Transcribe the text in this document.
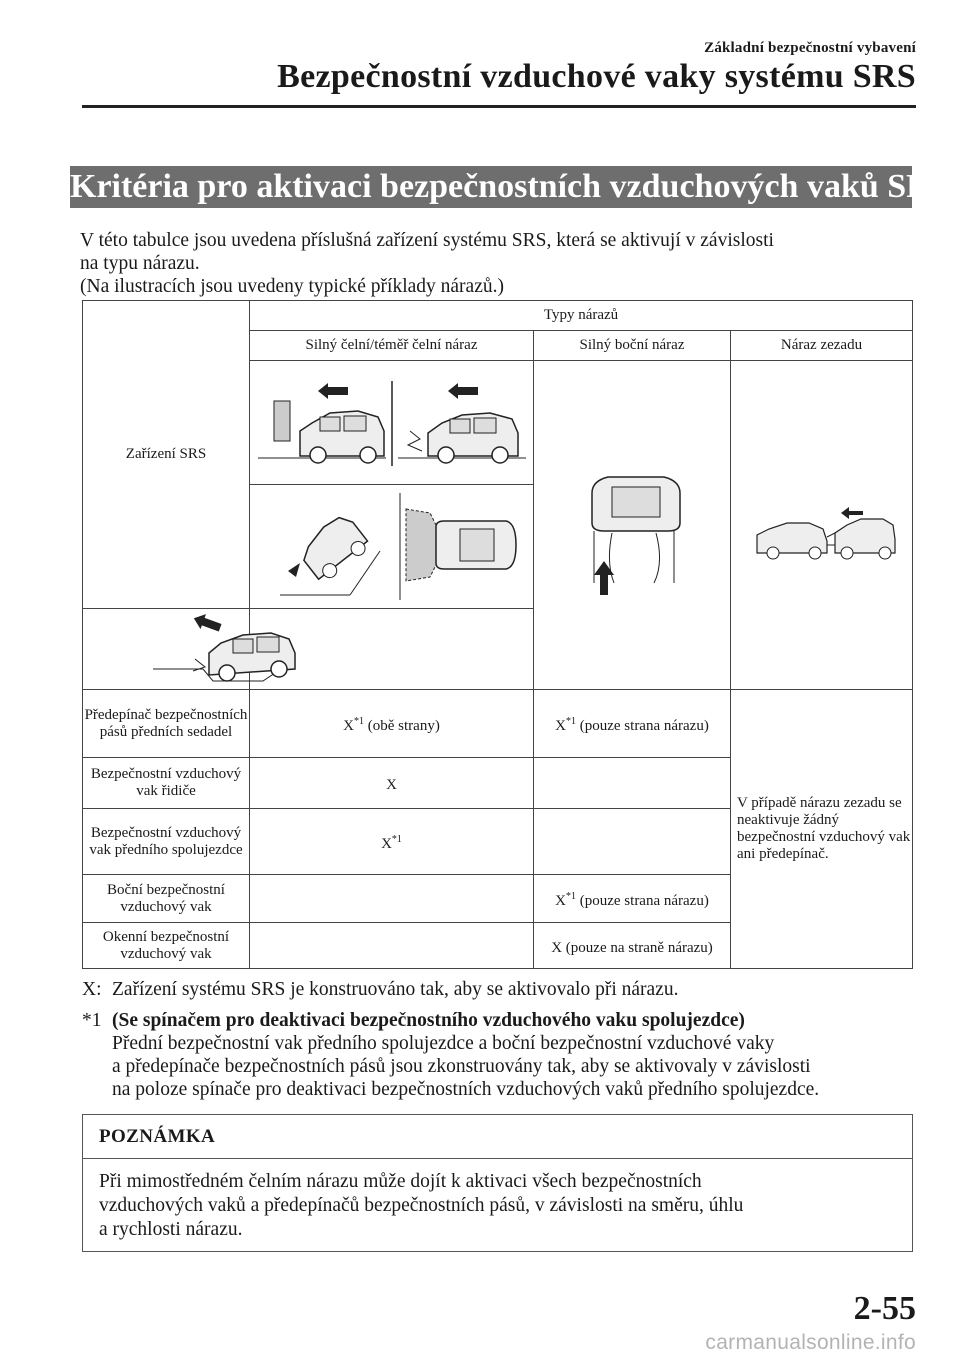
Základní bezpečnostní vybavení
Bezpečnostní vzduchové vaky systému SRS
Kritéria pro aktivaci bezpečnostních vzduchových vaků SRS
V této tabulce jsou uvedena příslušná zařízení systému SRS, která se aktivují v závislosti
na typu nárazu.
(Na ilustracích jsou uvedeny typické příklady nárazů.)
Zařízení SRS	Typy nárazů		
	Silný čelní/téměř čelní náraz	Silný boční náraz	Náraz zezadu

Předepínač bezpečnostních pásů předních sedadel	$X^{*1}$ (obě strany)	$X^{*1}$ (pouze strana nárazu)	V případě nárazu zezadu se neaktivuje žádný bezpečnostní vzduchový vak ani předepínač.
Bezpečnostní vzduchový vak řidiče	X		
Bezpečnostní vzduchový vak předního spolujezdce	$X^{*1}$	
Boční bezpečnostní vzduchový vak		$X^{*1}$ (pouze strana nárazu)	
Okenní bezpečnostní vzduchový vak		X (pouze na straně nárazu)	
X: Zařízení systému SRS je konstruováno tak, aby se aktivovalo při nárazu.
*1 (Se spínačem pro deaktivaci bezpečnostního vzduchového vaku spolujezdce)
Přední bezpečnostní vak předního spolujezdce a boční bezpečnostní vzduchové vaky
a předepínače bezpečnostních pásů jsou zkonstruovány tak, aby se aktivovaly v závislosti
na poloze spínače pro deaktivaci bezpečnostních vzduchových vaků předního spolujezdce.
POZNÁMKA
Při mimostředném čelním nárazu může dojít k aktivaci všech bezpečnostních
vzduchových vaků a předepínačů bezpečnostních pásů, v závislosti na směru, úhlu
a rychlosti nárazu.
2-55
carmanualsonline.info
